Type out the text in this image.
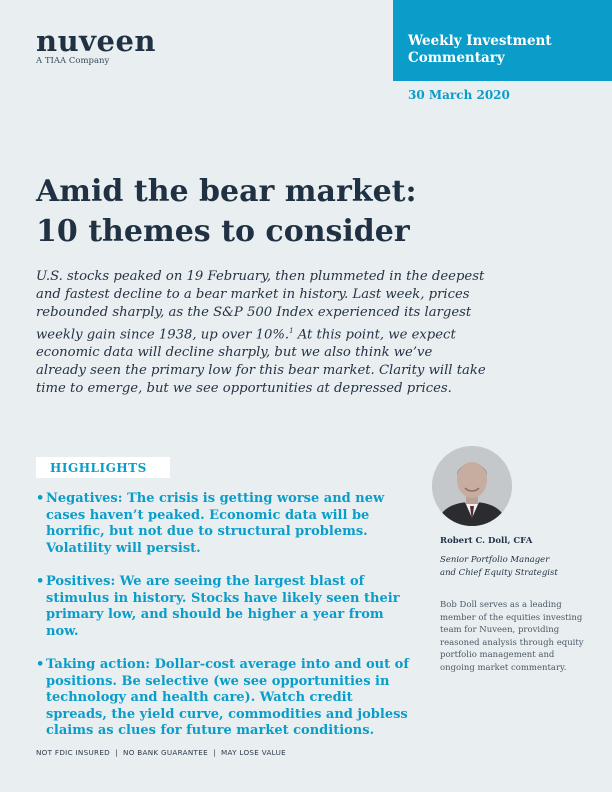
nuveen
A TIAA Company
Weekly Investment
Commentary
30 March 2020
Amid the bear market:
10 themes to consider

U.S. stocks peaked on 19 February, then plummeted in the deepest and fastest decline to a bear market in history. Last week, prices rebounded sharply, as the S&P 500 Index experienced its largest weekly gain since 1938, up over 10%.$^1$ At this point, we expect economic data will decline sharply, but we also think we’ve already seen the primary low for this bear market. Clarity will take time to emerge, but we see opportunities at depressed prices.

HIGHLIGHTS
• Negatives: The crisis is getting worse and new cases haven’t peaked. Economic data will be horrific, but not due to structural problems. Volatility will persist.
• Positives: We are seeing the largest blast of stimulus in history. Stocks have likely seen their primary low, and should be higher a year from now.
• Taking action: Dollar-cost average into and out of positions. Be selective (we see opportunities in technology and health care). Watch credit spreads, the yield curve, commodities and jobless claims as clues for future market conditions.
Robert C. Doll, CFA
Senior Portfolio Manager
and Chief Equity Strategist

Bob Doll serves as a leading member of the equities investing team for Nuveen, providing reasoned analysis through equity portfolio management and ongoing market commentary.

NOT FDIC INSURED  |  NO BANK GUARANTEE  |  MAY LOSE VALUE
